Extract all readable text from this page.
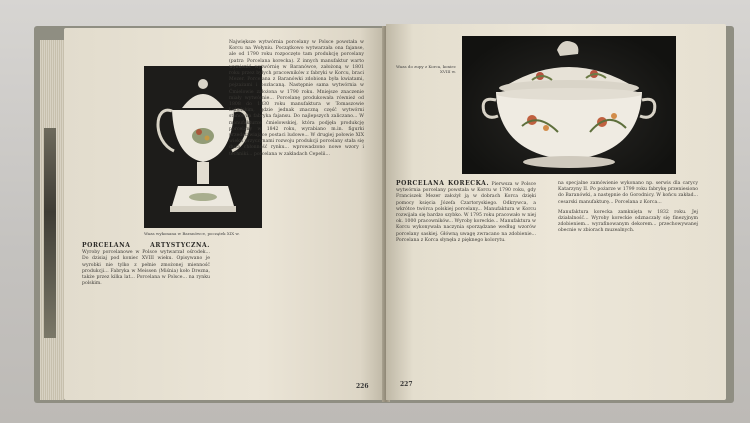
Waza wykonana w Baranówce, początek XIX w.

PORCELANA ARTYSTYCZNA. Wyroby porcelanowe w Polsce wytwarzał ośrodek... Do dzisiaj pod koniec XVIII wieku. Opisywano je wyrobki nie tylko z pełnie zmożonej mienność produkcji... Fabryka w Meissen (Miśnia) koło Drezna, także przez kilka lat... Porcelana w Polsce... na rynku polskim.

Największe wytwórnia porcelany w Polsce powstała w Korcu na Wołyniu. Początkowo wytwarzała ona fajanse, ale od 1790 roku rozpoczęto tam produkcję porcelany (patrz: Porcelana korecka). Z innych manufaktur warto wymienić wytwórnię w Baranówce, założoną w 1801 roku przez byłych pracowników z fabryki w Korcu, braci Mezer. Porcelana z Baranówki zdobiona była kwiatami, pejzażami i pozłacaną. Następnie sama wytwórnia w Ćmielowie założona w 1790 roku. Mniejsze znaczenie miały wytwórnie... Porcelanę produkowała również od 1808 do 1830 roku manufaktura w Tomaszowie Lubelskim, gdzie jednak znaczną część wytwórni stanowiła fabryka fajansu. Do najlepszych zaliczano... W manufakturze ćmielowskiej, która podjęła produkcję porcelany w 1842 roku, wyrabiano m.in. figurki przedstawiające postaci ludowe... W drugiej połowie XIX wieku przyczynami rozwoju produkcji porcelany stała się duża chłonność rynku... wprowadzono nowe wzory i techniki... porcelana w zakładach Cepelii...

226
Waza do zupy z Korca, koniec XVIII w.

PORCELANA KORECKA. Pierwsza w Polsce wytwórnia porcelany powstała w Korcu w 1790 roku, gdy Franciszek Mezer założył ją w dobrach Korca dzięki pomocy księcia Józefa Czartoryskiego. Odkrywca, a wkrótce twórca polskiej porcelany... Manufaktura w Korcu rozwijała się bardzo szybko. W 1795 roku pracowało w niej ok. 1000 pracowników... Wyroby koreckie... Manufaktura w Korcu wykonywała naczynia sporządzane według wzorów porcelany saskiej. Główną uwagę zwracano na zdobienie... Porcelana z Korca słynęła z pięknego kolorytu.

na specjalne zamówienie wykonano np. serwis dla carycy Katarzyny II. Po pożarze w 1799 roku fabrykę przeniesiono do Baranówki, a następnie do Gorodnicy. W końcu zakład... cesarski manufakturę... Porcelana z Korca...

Manufaktura korecka zamknięta w 1832 roku. Jej działalność... Wyroby koreckie odznaczały się finezyjnym zdobieniem... wyrafinowanym dekorem... przechowywanej obecnie w zbiorach muzealnych.

227
